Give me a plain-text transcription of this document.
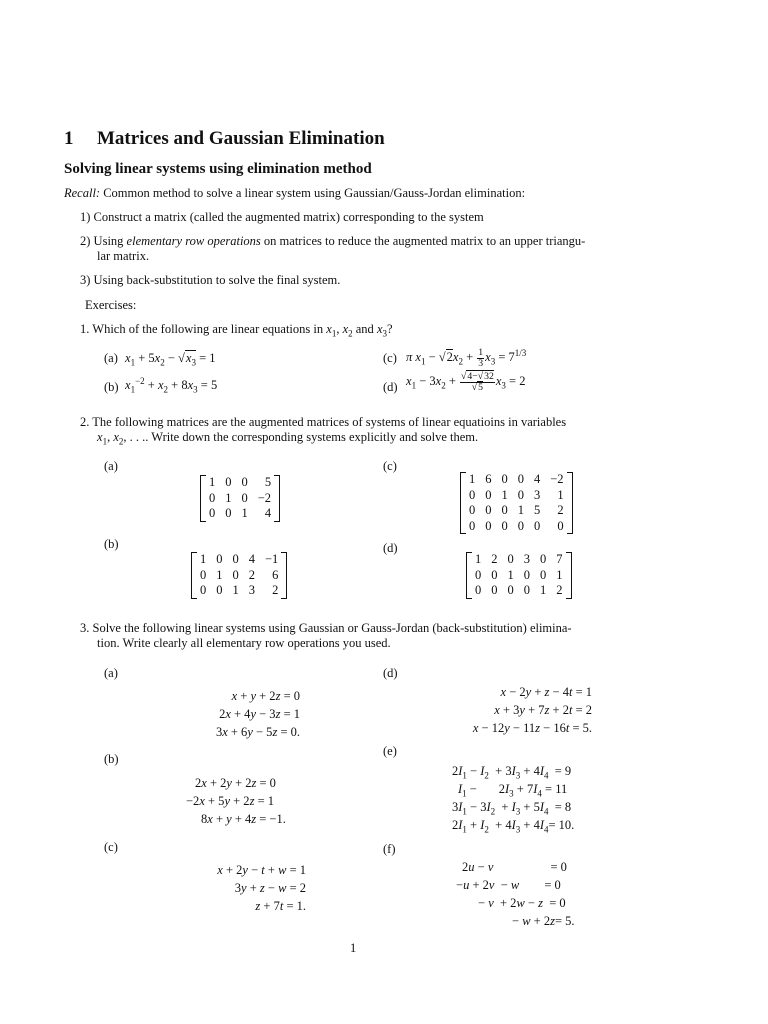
1 Matrices and Gaussian Elimination
Solving linear systems using elimination method
Recall: Common method to solve a linear system using Gaussian/Gauss-Jordan elimination:
1) Construct a matrix (called the augmented matrix) corresponding to the system
2) Using elementary row operations on matrices to reduce the augmented matrix to an upper triangu-
lar matrix.
3) Using back-substitution to solve the final system.
Exercises:
1. Which of the following are linear equations in $x_1$, $x_2$ and $x_3$?
(a) $x_1 + 5x_2 - √x_3 = 1$	(c) π $x_1 - √2x_2 + \frac{1}{3} x_3 = 7^{1/3}$
(b) $x_1^{-2} + x_2 + 8x_3 = 5$	(d) $x_1 - 3x_2 + \frac{√4-√32}{√5} x_3 = 2$
2. The following matrices are the augmented matrices of systems of linear equatioins in variables
$x_1$, $x_2$, . . .. Write down the corresponding systems explicitly and solve them.
(a)
(b)
(c)
(d)
1 0 0	5
0 1 0 −2
0 0 1	4
1 0 0 4 −1
0 1 0 2	6
0 0 1 3	2
1 6 0 0 4 −2
0 0 1 0 3	1
0 0 0 1 5	2
0 0 0 0 0	0
1 2 0 3 0 7
0 0 1 0 0 1
0 0 0 0 1 2
3. Solve the following linear systems using Gaussian or Gauss-Jordan (back-substitution) elimina-
tion. Write clearly all elementary row operations you used.
(a)
(b)
(c)
(d)
(e)
(f)
x + y + 2z = 0
2x + 4y − 3z = 1
3x + 6y − 5z = 0.
2x + 2y + 2z = 0
−2x + 5y + 2z = 1
8x + y + 4z = −1.
x + 2y − t + w = 1
3y + z − w = 2
z + 7t = 1.
x − 2y + z − 4t = 1
x + 3y + 7z + 2t = 2
x − 12y − 11z − 16t = 5.
$2I_1 - I_2 + 3I_3 + 4I_4 = 9$
$I_1 - 2I_3 + 7I_4 = 11$
$3I_1 - 3I_2 + I_3 + 5I_4 = 8$
$2I_1 + I_2 + 4I_3 + 4I_4= 10$.
2u − v	= 0
−u + 2v  − w = 0
− v  + 2w − z  = 0
− w + 2z= 5.
1
